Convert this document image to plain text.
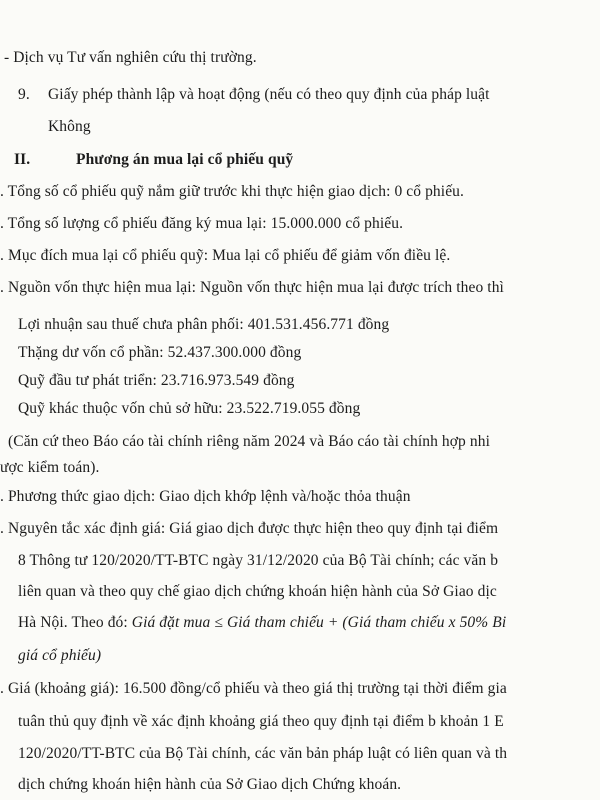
- Dịch vụ Tư vấn nghiên cứu thị trường.
9. Giấy phép thành lập và hoạt động (nếu có theo quy định của pháp luật
Không
II.	Phương án mua lại cổ phiếu quỹ
. Tổng số cổ phiếu quỹ nắm giữ trước khi thực hiện giao dịch: 0 cổ phiếu.
. Tổng số lượng cổ phiếu đăng ký mua lại: 15.000.000 cổ phiếu.
. Mục đích mua lại cổ phiếu quỹ: Mua lại cổ phiếu để giảm vốn điều lệ.
. Nguồn vốn thực hiện mua lại: Nguồn vốn thực hiện mua lại được trích theo thì
Lợi nhuận sau thuế chưa phân phối: 401.531.456.771 đồng
Thặng dư vốn cổ phần: 52.437.300.000 đồng
Quỹ đầu tư phát triển: 23.716.973.549 đồng
Quỹ khác thuộc vốn chủ sở hữu: 23.522.719.055 đồng
(Căn cứ theo Báo cáo tài chính riêng năm 2024 và Báo cáo tài chính hợp nhi
ược kiểm toán).
. Phương thức giao dịch: Giao dịch khớp lệnh và/hoặc thỏa thuận
. Nguyên tắc xác định giá: Giá giao dịch được thực hiện theo quy định tại điểm
8 Thông tư 120/2020/TT-BTC ngày 31/12/2020 của Bộ Tài chính; các văn b
liên quan và theo quy chế giao dịch chứng khoán hiện hành của Sở Giao dịc
Hà Nội. Theo đó: Giá đặt mua ≤ Giá tham chiếu + (Giá tham chiếu x 50% Bi
giá cổ phiếu)
. Giá (khoảng giá): 16.500 đồng/cổ phiếu và theo giá thị trường tại thời điểm gia
tuân thủ quy định về xác định khoảng giá theo quy định tại điểm b khoản 1 E
120/2020/TT-BTC của Bộ Tài chính, các văn bản pháp luật có liên quan và th
dịch chứng khoán hiện hành của Sở Giao dịch Chứng khoán.
